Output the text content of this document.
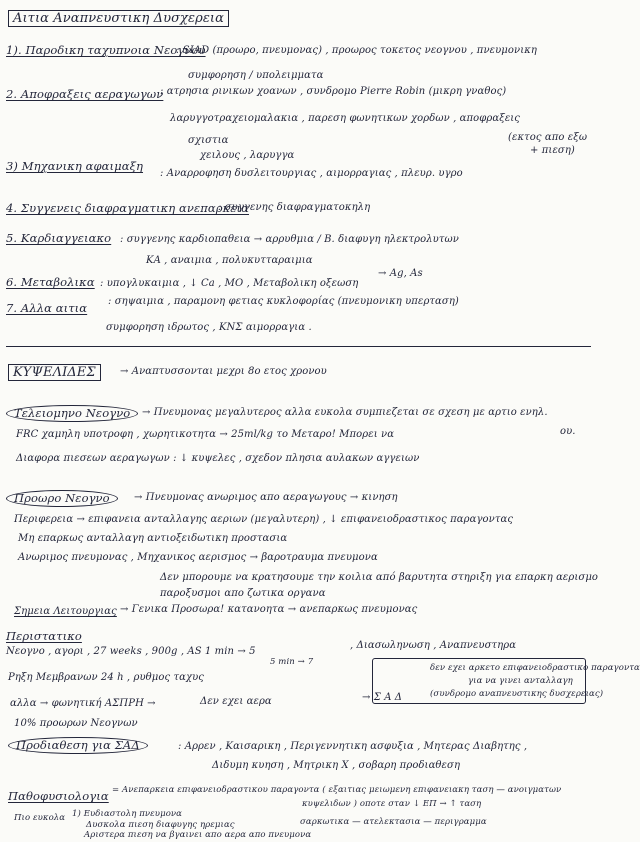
Αιτια Αναπνευστικη Δυσχερεια
1). Παροδικη ταχυπνοια Νεογνου
: SIAD (προωρο, πνευμονας) , προωρος τοκετος νεογνου , πνευμονικη
συμφορηση / υπολειμματα
2. Αποφραξεις αεραγωγων
: ατρησια ρινικων χοανων , συνδρομο Pierre Robin (μικρη γναθος)
λαρυγγοτραχειομαλακια , παρεση φωνητικων χορδων , αποφραξεις
σχιστια
χειλους , λαρυγγα
(εκτος απο εξω
+ πιεση)
3) Μηχανικη αφαιμαξη
: Αναρροφηση δυσλειτουργιας , αιμορραγιας , πλευρ. υγρο
4. Συγγενεις διαφραγματικη ανεπαρκεια
: συγγενης διαφραγματοκηλη
5. Καρδιαγγειακο : συγγενης καρδιοπαθεια → αρρυθμια / Β. διαφυγη ηλεκτρολυτων
ΚΑ , αναιμια , πολυκυτταραιμια
→ Ag, As
6. Μεταβολικα : υπογλυκαιμια , ↓ Ca , ΜΟ , Μεταβολικη οξεωση
7. Αλλα αιτια : σηψαιμια , παραμονη φετιας κυκλοφορίας (πνευμονικη υπερταση)
συμφορηση ιδρωτος , ΚΝΣ αιμορραγια .
ΚΥΨΕΛΙΔΕΣ	→ Αναπτυσσονται μεχρι 8ο ετος χρονου
Τελειομηνο Νεογνο	→ Πνευμονας μεγαλυτερος αλλα ευκολα συμπιεζεται σε σχεση με αρτιο ενηλ.
FRC χαμηλη υποτροφη , χωρητικοτητα → 25ml/kg το Μεταρο! Μπορει να	ου.
Διαφορα πιεσεων αεραγωγων : ↓ κυψελες , σχεδον πλησια αυλακων αγγειων
Προωρο Νεογνο	→ Πνευμονας ανωριμος απο αεραγωγους → κινηση
Περιφερεια → επιφανεια ανταλλαγης αεριων (μεγαλυτερη) , ↓ επιφανειοδραστικος παραγοντας
Μη επαρκως ανταλλαγη αντιοξειδωτικη προστασια
Ανωριμος πνευμονας , Μηχανικος αερισμος → βαροτραυμα πνευμονα
Δεν μπορουμε να κρατησουμε την κοιλια από βαρυτητα στηριξη για επαρκη αερισμο
παροξυσμοι απο ζωτικα οργανα
Σημεια Λειτουργιας → Γενικα Προσωρα! κατανοητα → ανεπαρκως πνευμονας
Περιστατικο
Νεογνο , αγορι , 27 weeks , 900g , AS 1 min → 5
5 min → 7
, Διασωληνωση , Αναπνευστηρα
Ρηξη Μεμβρανων 24 h , ρυθμος ταχυς
αλλα → φωνητική ΑΣΠΡΗ →	Δεν εχει αερα	→ Σ Α Δ
δεν εχει αρκετο επιφανειοδραστικο παραγοντα
για να γινει ανταλλαγη
(συνδρομο αναπνευστικης δυσχερειας)
10% προωρων Νεογνων
Προδιαθεση για ΣΑΔ	: Αρρεν , Καισαρικη , Περιγεννητικη ασφυξια , Μητερας Διαβητης ,
Διδυμη κυηση , Μητρικη Χ , σοβαρη προδιαθεση
Παθοφυσιολογια = Ανεπαρκεια επιφανειοδραστικου παραγοντα ( εξαιτιας μειωμενη επιφανειακη ταση — ανοιγματων
κυψελιδων ) οποτε σταν ↓ ΕΠ → ↑ ταση
Πιο ευκολα 1) Ευδιαστολη πνευμονα
Δυσκολα πιεση διαφυγης ηρεμιας
Αριστερα πιεση να βγαινει απο αερα απο πνευμονα
σαρκωτικα — ατελεκτασια — περιγραμμα
